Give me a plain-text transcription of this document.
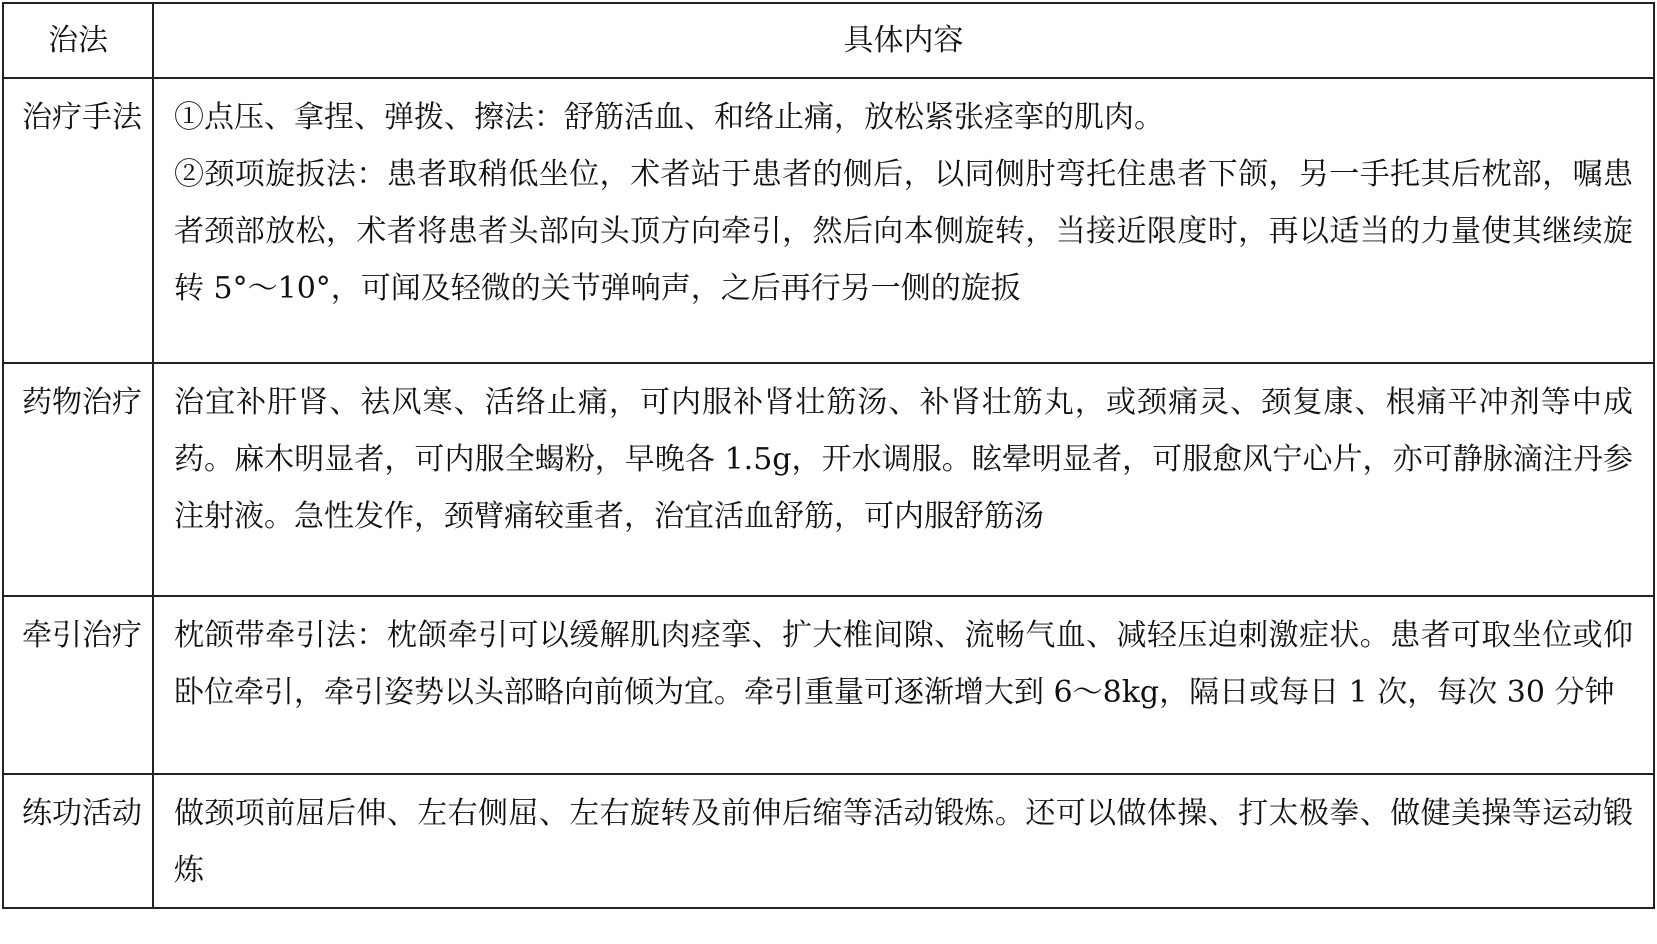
治法	具体内容
治疗手法	①点压、拿捏、弹拨、擦法：舒筋活血、和络止痛，放松紧张痉挛的肌肉。
②颈项旋扳法：患者取稍低坐位，术者站于患者的侧后，以同侧肘弯托住患者下颌，另一手托其后枕部，嘱患者颈部放松，术者将患者头部向头顶方向牵引，然后向本侧旋转，当接近限度时，再以适当的力量使其继续旋转 5°～10°，可闻及轻微的关节弹响声，之后再行另一侧的旋扳

药物治疗	治宜补肝肾、祛风寒、活络止痛，可内服补肾壮筋汤、补肾壮筋丸，或颈痛灵、颈复康、根痛平冲剂等中成药。麻木明显者，可内服全蝎粉，早晚各 1.5g，开水调服。眩晕明显者，可服愈风宁心片，亦可静脉滴注丹参注射液。急性发作，颈臂痛较重者，治宜活血舒筋，可内服舒筋汤

牵引治疗	枕颌带牵引法：枕颌牵引可以缓解肌肉痉挛、扩大椎间隙、流畅气血、减轻压迫刺激症状。患者可取坐位或仰卧位牵引，牵引姿势以头部略向前倾为宜。牵引重量可逐渐增大到 6～8kg，隔日或每日 1 次，每次 30 分钟

练功活动	做颈项前屈后伸、左右侧屈、左右旋转及前伸后缩等活动锻炼。还可以做体操、打太极拳、做健美操等运动锻炼
